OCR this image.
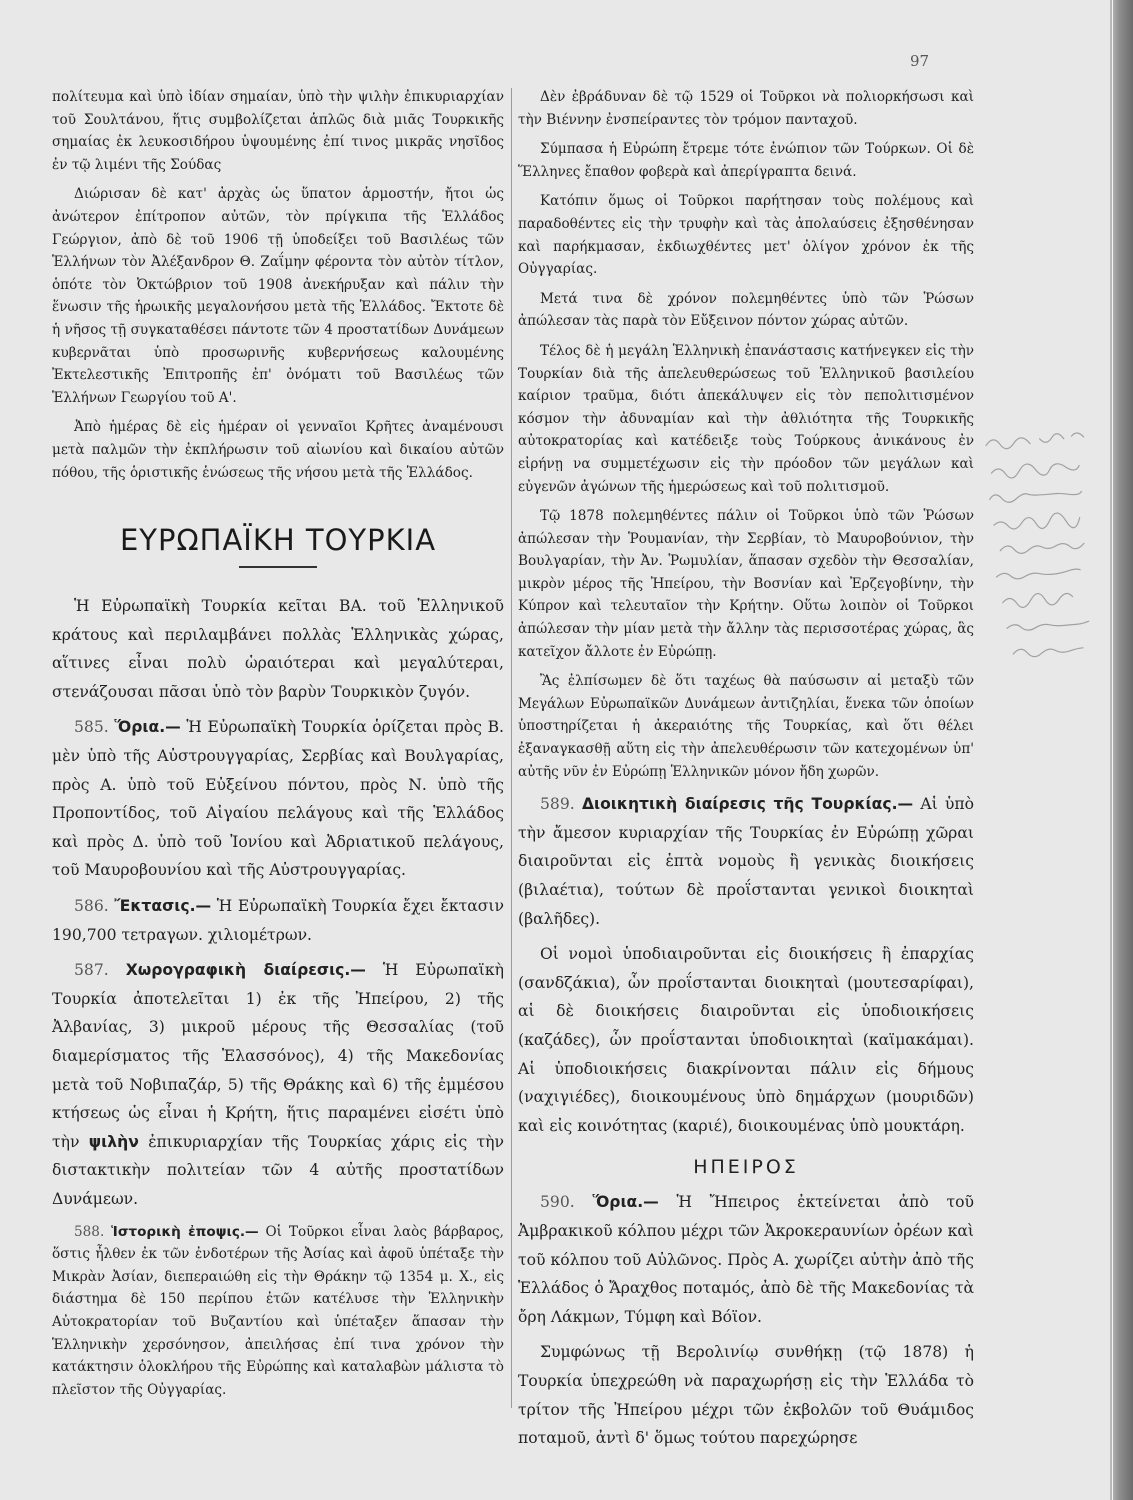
97

πολίτευμα καὶ ὑπὸ ἰδίαν σημαίαν, ὑπὸ τὴν ψιλὴν ἐπικυριαρχίαν τοῦ Σουλτάνου, ἥτις συμβολίζεται ἁπλῶς διὰ μιᾶς Τουρκικῆς σημαίας ἐκ λευκοσιδήρου ὑψουμένης ἐπί τινος μικρᾶς νησῖδος ἐν τῷ λιμένι τῆς Σούδας

Διώρισαν δὲ κατ' ἀρχὰς ὡς ὕπατον ἁρμοστήν, ἤτοι ὡς ἀνώτερον ἐπίτροπον αὐτῶν, τὸν πρίγκιπα τῆς Ἑλλάδος Γεώργιον, ἀπὸ δὲ τοῦ 1906 τῇ ὑποδείξει τοῦ Βασιλέως τῶν Ἑλλήνων τὸν Ἀλέξανδρον Θ. Ζαΐμην φέροντα τὸν αὐτὸν τίτλον, ὁπότε τὸν Ὀκτώβριον τοῦ 1908 ἀνεκήρυξαν καὶ πάλιν τὴν ἕνωσιν τῆς ἡρωικῆς μεγαλονήσου μετὰ τῆς Ἑλλάδος. Ἔκτοτε δὲ ἡ νῆσος τῇ συγκαταθέσει πάντοτε τῶν 4 προστατίδων Δυνάμεων κυβερνᾶται ὑπὸ προσωρινῆς κυβερνήσεως καλουμένης Ἐκτελεστικῆς Ἐπιτροπῆς ἐπ' ὀνόματι τοῦ Βασιλέως τῶν Ἑλλήνων Γεωργίου τοῦ Α'.

Ἀπὸ ἡμέρας δὲ εἰς ἡμέραν οἱ γενναῖοι Κρῆτες ἀναμένουσι μετὰ παλμῶν τὴν ἐκπλήρωσιν τοῦ αἰωνίου καὶ δικαίου αὐτῶν πόθου, τῆς ὁριστικῆς ἑνώσεως τῆς νήσου μετὰ τῆς Ἑλλάδος.

ΕΥΡΩΠΑΪΚΗ ΤΟΥΡΚΙΑ

Ἡ Εὐρωπαϊκὴ Τουρκία κεῖται ΒΑ. τοῦ Ἑλληνικοῦ κράτους καὶ περιλαμβάνει πολλὰς Ἑλληνικὰς χώρας, αἵτινες εἶναι πολὺ ὡραιότεραι καὶ μεγαλύτεραι, στενάζουσαι πᾶσαι ὑπὸ τὸν βαρὺν Τουρκικὸν ζυγόν.

585. Ὅρια.— Ἡ Εὐρωπαϊκὴ Τουρκία ὁρίζεται πρὸς Β. μὲν ὑπὸ τῆς Αὐστρουγγαρίας, Σερβίας καὶ Βουλγαρίας, πρὸς Α. ὑπὸ τοῦ Εὐξείνου πόντου, πρὸς Ν. ὑπὸ τῆς Προποντίδος, τοῦ Αἰγαίου πελάγους καὶ τῆς Ἑλλάδος καὶ πρὸς Δ. ὑπὸ τοῦ Ἰονίου καὶ Ἀδριατικοῦ πελάγους, τοῦ Μαυροβουνίου καὶ τῆς Αὐστρουγγαρίας.

586. Ἔκτασις.— Ἡ Εὐρωπαϊκὴ Τουρκία ἔχει ἔκτασιν 190,700 τετραγων. χιλιομέτρων.

587. Χωρογραφικὴ διαίρεσις.— Ἡ Εὐρωπαϊκὴ Τουρκία ἀποτελεῖται 1) ἐκ τῆς Ἠπείρου, 2) τῆς Ἀλβανίας, 3) μικροῦ μέρους τῆς Θεσσαλίας (τοῦ διαμερίσματος τῆς Ἐλασσόνος), 4) τῆς Μακεδονίας μετὰ τοῦ Νοβιπαζάρ, 5) τῆς Θράκης καὶ 6) τῆς ἐμμέσου κτήσεως ὡς εἶναι ἡ Κρήτη, ἥτις παραμένει εἰσέτι ὑπὸ τὴν ψιλὴν ἐπικυριαρχίαν τῆς Τουρκίας χάρις εἰς τὴν διστακτικὴν πολιτείαν τῶν 4 αὐτῆς προστατίδων Δυνάμεων.

588. Ἱστορικὴ ἐποψις.— Οἱ Τοῦρκοι εἶναι λαὸς βάρβαρος, ὅστις ἦλθεν ἐκ τῶν ἐνδοτέρων τῆς Ἀσίας καὶ ἀφοῦ ὑπέταξε τὴν Μικρὰν Ἀσίαν, διεπεραιώθη εἰς τὴν Θράκην τῷ 1354 μ. Χ., εἰς διάστημα δὲ 150 περίπου ἐτῶν κατέλυσε τὴν Ἑλληνικὴν Αὐτοκρατορίαν τοῦ Βυζαντίου καὶ ὑπέταξεν ἅπασαν τὴν Ἑλληνικὴν χερσόνησον, ἀπειλήσας ἐπί τινα χρόνον τὴν κατάκτησιν ὁλοκλήρου τῆς Εὐρώπης καὶ καταλαβὼν μάλιστα τὸ πλεῖστον τῆς Οὐγγαρίας.

Δὲν ἐβράδυναν δὲ τῷ 1529 οἱ Τοῦρκοι νὰ πολιορκήσωσι καὶ τὴν Βιέννην ἐνσπείραντες τὸν τρόμον πανταχοῦ.

Σύμπασα ἡ Εὐρώπη ἔτρεμε τότε ἐνώπιον τῶν Τούρκων. Οἱ δὲ Ἕλληνες ἔπαθον φοβερὰ καὶ ἀπερίγραπτα δεινά.

Κατόπιν ὅμως οἱ Τοῦρκοι παρήτησαν τοὺς πολέμους καὶ παραδοθέντες εἰς τὴν τρυφὴν καὶ τὰς ἀπολαύσεις ἐξησθένησαν καὶ παρήκμασαν, ἐκδιωχθέντες μετ' ὀλίγον χρόνον ἐκ τῆς Οὐγγαρίας.

Μετά τινα δὲ χρόνον πολεμηθέντες ὑπὸ τῶν Ῥώσων ἀπώλεσαν τὰς παρὰ τὸν Εὔξεινον πόντον χώρας αὐτῶν.

Τέλος δὲ ἡ μεγάλη Ἑλληνικὴ ἐπανάστασις κατήνεγκεν εἰς τὴν Τουρκίαν διὰ τῆς ἀπελευθερώσεως τοῦ Ἑλληνικοῦ βασιλείου καίριον τραῦμα, διότι ἀπεκάλυψεν εἰς τὸν πεπολιτισμένον κόσμον τὴν ἀδυναμίαν καὶ τὴν ἀθλιότητα τῆς Τουρκικῆς αὐτοκρατορίας καὶ κατέδειξε τοὺς Τούρκους ἀνικάνους ἐν εἰρήνῃ να συμμετέχωσιν εἰς τὴν πρόοδον τῶν μεγάλων καὶ εὐγενῶν ἀγώνων τῆς ἡμερώσεως καὶ τοῦ πολιτισμοῦ.

Τῷ 1878 πολεμηθέντες πάλιν οἱ Τοῦρκοι ὑπὸ τῶν Ῥώσων ἀπώλεσαν τὴν Ῥουμανίαν, τὴν Σερβίαν, τὸ Μαυροβούνιον, τὴν Βουλγαρίαν, τὴν Ἀν. Ῥωμυλίαν, ἅπασαν σχεδὸν τὴν Θεσσαλίαν, μικρὸν μέρος τῆς Ἠπείρου, τὴν Βοσνίαν καὶ Ἐρζεγοβίνην, τὴν Κύπρον καὶ τελευταῖον τὴν Κρήτην. Οὕτω λοιπὸν οἱ Τοῦρκοι ἀπώλεσαν τὴν μίαν μετὰ τὴν ἄλλην τὰς περισσοτέρας χώρας, ἃς κατεῖχον ἄλλοτε ἐν Εὐρώπῃ.

Ἂς ἐλπίσωμεν δὲ ὅτι ταχέως θὰ παύσωσιν αἱ μεταξὺ τῶν Μεγάλων Εὐρωπαϊκῶν Δυνάμεων ἀντιζηλίαι, ἕνεκα τῶν ὁποίων ὑποστηρίζεται ἡ ἀκεραιότης τῆς Τουρκίας, καὶ ὅτι θέλει ἐξαναγκασθῇ αὕτη εἰς τὴν ἀπελευθέρωσιν τῶν κατεχομένων ὑπ' αὐτῆς νῦν ἐν Εὐρώπῃ Ἑλληνικῶν μόνον ἤδη χωρῶν.

589. Διοικητικὴ διαίρεσις τῆς Τουρκίας.— Αἱ ὑπὸ τὴν ἄμεσον κυριαρχίαν τῆς Τουρκίας ἐν Εὐρώπῃ χῶραι διαιροῦνται εἰς ἑπτὰ νομοὺς ἢ γενικὰς διοικήσεις (βιλαέτια), τούτων δὲ προΐστανται γενικοὶ διοικηταὶ (βαλῆδες).

Οἱ νομοὶ ὑποδιαιροῦνται εἰς διοικήσεις ἢ ἐπαρχίας (σανδζάκια), ὧν προΐστανται διοικηταὶ (μουτεσαρίφαι), αἱ δὲ διοικήσεις διαιροῦνται εἰς ὑποδιοικήσεις (καζάδες), ὧν προΐστανται ὑποδιοικηταὶ (καϊμακάμαι). Αἱ ὑποδιοικήσεις διακρίνονται πάλιν εἰς δήμους (ναχιγιέδες), διοικουμένους ὑπὸ δημάρχων (μουριδῶν) καὶ εἰς κοινότητας (καριέ), διοικουμένας ὑπὸ μουκτάρη.

ΗΠΕΙΡΟΣ

590. Ὅρια.— Ἡ Ἤπειρος ἐκτείνεται ἀπὸ τοῦ Ἀμβρακικοῦ κόλπου μέχρι τῶν Ἀκροκεραυνίων ὀρέων καὶ τοῦ κόλπου τοῦ Αὐλῶνος. Πρὸς Α. χωρίζει αὐτὴν ἀπὸ τῆς Ἑλλάδος ὁ Ἄραχθος ποταμός, ἀπὸ δὲ τῆς Μακεδονίας τὰ ὄρη Λάκμων, Τύμφη καὶ Βόϊον.

Συμφώνως τῇ Βερολινίῳ συνθήκῃ (τῷ 1878) ἡ Τουρκία ὑπεχρεώθη νὰ παραχωρήσῃ εἰς τὴν Ἑλλάδα τὸ τρίτον τῆς Ἠπείρου μέχρι τῶν ἐκβολῶν τοῦ Θυάμιδος ποταμοῦ, ἀντὶ δ' ὅμως τούτου παρεχώρησε
